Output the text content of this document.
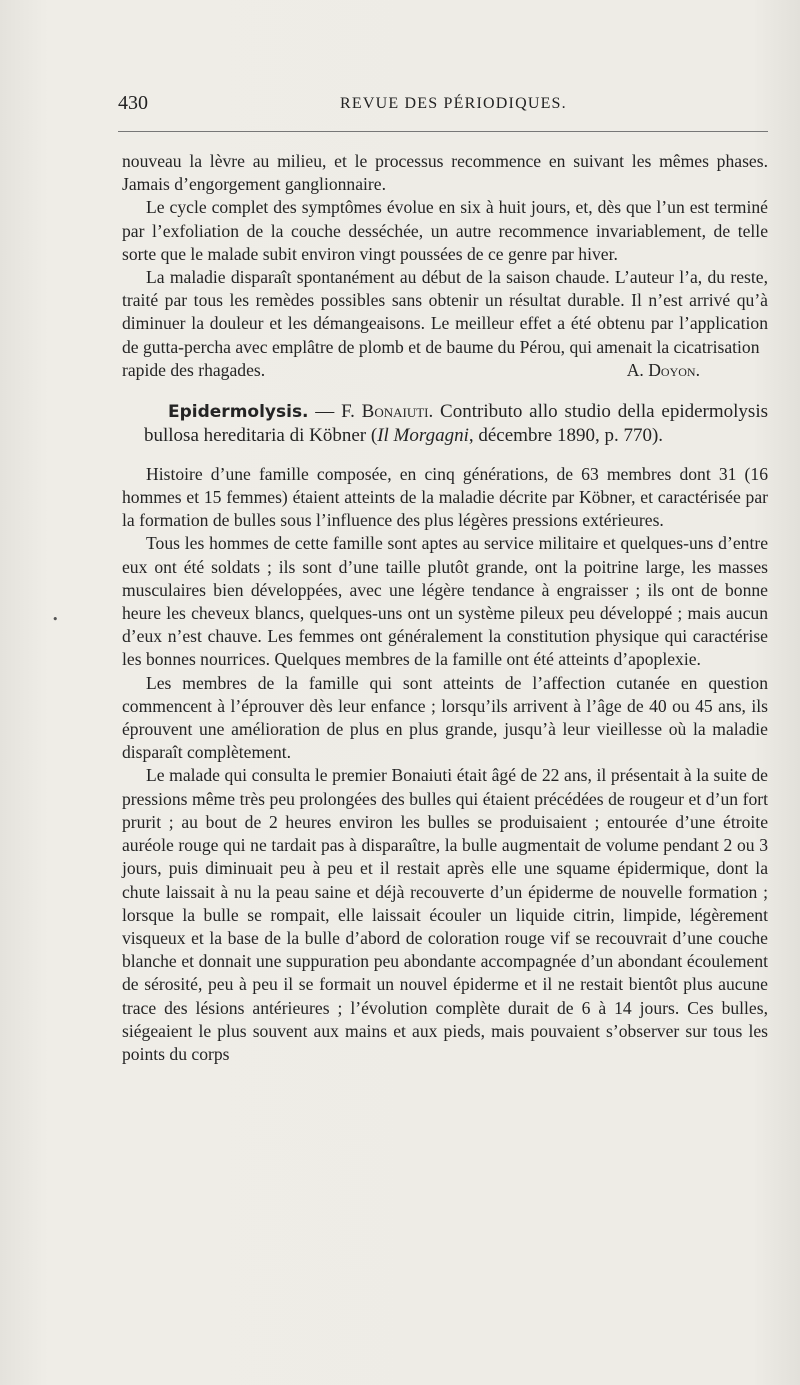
430	REVUE DES PÉRIODIQUES.
•

nouveau la lèvre au milieu, et le processus recommence en suivant les mêmes phases. Jamais d’engorgement ganglionnaire.

Le cycle complet des symptômes évolue en six à huit jours, et, dès que l’un est terminé par l’exfoliation de la couche desséchée, un autre recommence invariablement, de telle sorte que le malade subit environ vingt poussées de ce genre par hiver.

La maladie disparaît spontanément au début de la saison chaude. L’auteur l’a, du reste, traité par tous les remèdes possibles sans obtenir un résultat durable. Il n’est arrivé qu’à diminuer la douleur et les démangeaisons. Le meilleur effet a été obtenu par l’application de gutta-percha avec emplâtre de plomb et de baume du Pérou, qui amenait la cicatrisation

rapide des rhagades.	A. Doyon.

Epidermolysis. — F. Bonaiuti. Contributo allo studio della epidermolysis bullosa hereditaria di Köbner (Il Morgagni, décembre 1890, p. 770).

Histoire d’une famille composée, en cinq générations, de 63 membres dont 31 (16 hommes et 15 femmes) étaient atteints de la maladie décrite par Köbner, et caractérisée par la formation de bulles sous l’influence des plus légères pressions extérieures.

Tous les hommes de cette famille sont aptes au service militaire et quelques-uns d’entre eux ont été soldats ; ils sont d’une taille plutôt grande, ont la poitrine large, les masses musculaires bien développées, avec une légère tendance à engraisser ; ils ont de bonne heure les cheveux blancs, quelques-uns ont un système pileux peu développé ; mais aucun d’eux n’est chauve. Les femmes ont généralement la constitution physique qui caractérise les bonnes nourrices. Quelques membres de la famille ont été atteints d’apoplexie.

Les membres de la famille qui sont atteints de l’affection cutanée en question commencent à l’éprouver dès leur enfance ; lorsqu’ils arrivent à l’âge de 40 ou 45 ans, ils éprouvent une amélioration de plus en plus grande, jusqu’à leur vieillesse où la maladie disparaît complètement.

Le malade qui consulta le premier Bonaiuti était âgé de 22 ans, il présentait à la suite de pressions même très peu prolongées des bulles qui étaient précédées de rougeur et d’un fort prurit ; au bout de 2 heures environ les bulles se produisaient ; entourée d’une étroite auréole rouge qui ne tardait pas à disparaître, la bulle augmentait de volume pendant 2 ou 3 jours, puis diminuait peu à peu et il restait après elle une squame épidermique, dont la chute laissait à nu la peau saine et déjà recouverte d’un épiderme de nouvelle formation ; lorsque la bulle se rompait, elle laissait écouler un liquide citrin, limpide, légèrement visqueux et la base de la bulle d’abord de coloration rouge vif se recouvrait d’une couche blanche et donnait une suppuration peu abondante accompagnée d’un abondant écoulement de sérosité, peu à peu il se formait un nouvel épiderme et il ne restait bientôt plus aucune trace des lésions antérieures ; l’évolution complète durait de 6 à 14 jours. Ces bulles, siégeaient le plus souvent aux mains et aux pieds, mais pouvaient s’observer sur tous les points du corps
